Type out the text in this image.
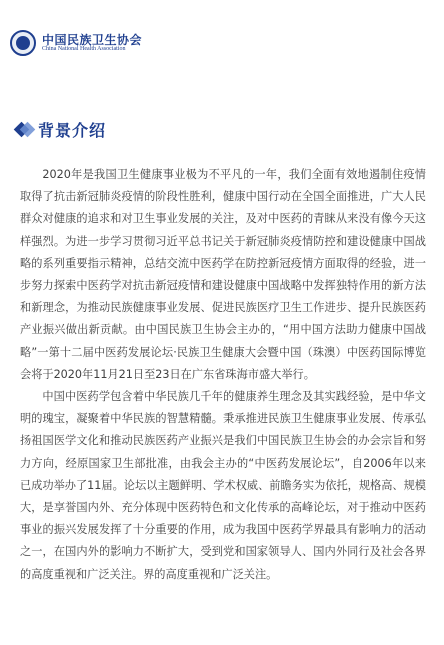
中国民族卫生协会
China National Health Association
背景介绍

2020年是我国卫生健康事业极为不平凡的一年，我们全面有效地遏制住疫情取得了抗击新冠肺炎疫情的阶段性胜利，健康中国行动在全国全面推进，广大人民群众对健康的追求和对卫生事业发展的关注，及对中医药的青睐从来没有像今天这样强烈。为进一步学习贯彻习近平总书记关于新冠肺炎疫情防控和建设健康中国战略的系列重要指示精神，总结交流中医药学在防控新冠疫情方面取得的经验，进一步努力探索中医药学对抗击新冠疫情和建设健康中国战略中发挥独特作用的新方法和新理念，为推动民族健康事业发展、促进民族医疗卫生工作进步、提升民族医药产业振兴做出新贡献。由中国民族卫生协会主办的，“用中国方法助力健康中国战略”一第十二届中医药发展论坛·民族卫生健康大会暨中国（珠澳）中医药国际博览会将于2020年11月21日至23日在广东省珠海市盛大举行。

中国中医药学包含着中华民族几千年的健康养生理念及其实践经验，是中华文明的瑰宝，凝聚着中华民族的智慧精髓。秉承推进民族卫生健康事业发展、传承弘扬祖国医学文化和推动民族医药产业振兴是我们中国民族卫生协会的办会宗旨和努力方向，经原国家卫生部批准，由我会主办的“中医药发展论坛”，自2006年以来已成功举办了11届。论坛以主题鲜明、学术权威、前瞻务实为依托，规格高、规模大，是享誉国内外、充分体现中医药特色和文化传承的高峰论坛，对于推动中医药事业的振兴发展发挥了十分重要的作用，成为我国中医药学界最具有影响力的活动之一，在国内外的影响力不断扩大，受到党和国家领导人、国内外同行及社会各界的高度重视和广泛关注。界的高度重视和广泛关注。
